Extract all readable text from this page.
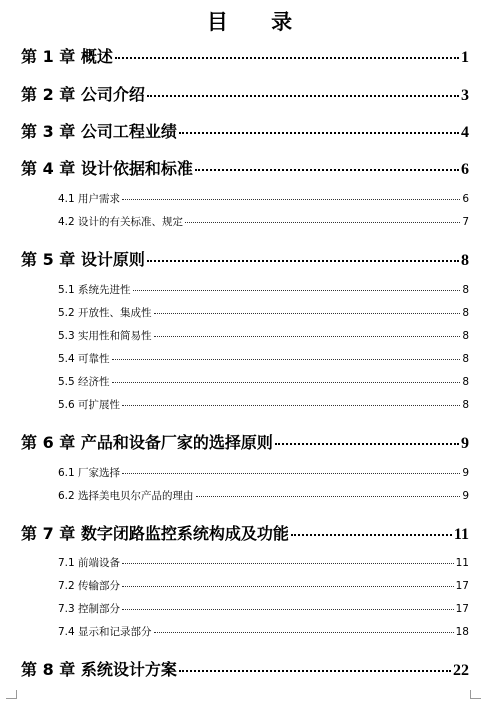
目 录
第 1 章 概述	1
第 2 章 公司介绍	3
第 3 章 公司工程业绩	4
第 4 章 设计依据和标准	6
4.1 用户需求	6
4.2 设计的有关标准、规定	7
第 5 章 设计原则	8
5.1 系统先进性	8
5.2 开放性、集成性	8
5.3 实用性和简易性	8
5.4 可靠性	8
5.5 经济性	8
5.6 可扩展性	8
第 6 章 产品和设备厂家的选择原则	9
6.1 厂家选择	9
6.2 选择美电贝尔产品的理由	9
第 7 章 数字闭路监控系统构成及功能	11
7.1 前端设备	11
7.2 传输部分	17
7.3 控制部分	17
7.4 显示和记录部分	18
第 8 章 系统设计方案	22
